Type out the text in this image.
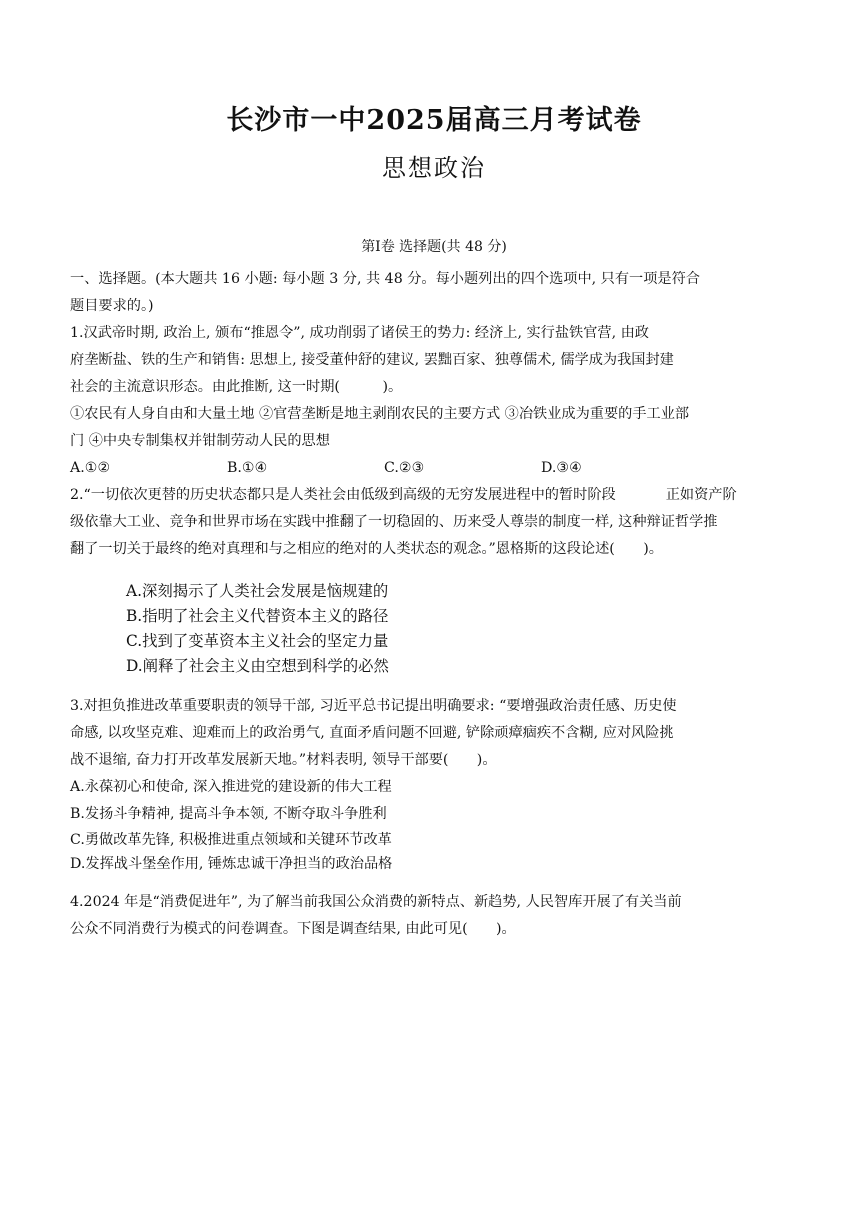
长沙市一中2025届高三月考试卷
思想政治
第Ⅰ卷 选择题(共 48 分)
一、选择题。(本大题共 16 小题: 每小题 3 分, 共 48 分。每小题列出的四个选项中, 只有一项是符合
题目要求的。)
1.汉武帝时期, 政治上, 颁布“推恩令”, 成功削弱了诸侯王的势力: 经济上, 实行盐铁官营, 由政
府垄断盐、铁的生产和销售: 思想上, 接受董仲舒的建议, 罢黜百家、独尊儒术, 儒学成为我国封建
社会的主流意识形态。由此推断, 这一时期(　　　)。
①农民有人身自由和大量土地 ②官营垄断是地主剥削农民的主要方式 ③冶铁业成为重要的手工业部
门 ④中央专制集权并钳制劳动人民的思想
A.①②	B.①④	C.②③	D.③④
2.“一切依次更替的历史状态都只是人类社会由低级到高级的无穷发展进程中的暂时阶段	正如资产阶
级依靠大工业、竞争和世界市场在实践中推翻了一切稳固的、历来受人尊崇的制度一样, 这种辩证哲学推
翻了一切关于最终的绝对真理和与之相应的绝对的人类状态的观念。”恩格斯的这段论述(　　)。
A.深刻揭示了人类社会发展是恼规建的
B.指明了社会主义代替资本主义的路径
C.找到了变革资本主义社会的坚定力量
D.阐释了社会主义由空想到科学的必然
3.对担负推进改革重要职责的领导干部, 习近平总书记提出明确要求: “要增强政治责任感、历史使
命感, 以攻坚克难、迎难而上的政治勇气, 直面矛盾问题不回避, 铲除顽瘴痼疾不含糊, 应对风险挑
战不退缩, 奋力打开改革发展新天地。”材料表明, 领导干部要(　　)。
A.永葆初心和使命, 深入推进党的建设新的伟大工程
B.发扬斗争精神, 提高斗争本领, 不断夺取斗争胜利
C.勇做改革先锋, 积极推进重点领域和关键环节改革
D.发挥战斗堡垒作用, 锤炼忠诚干净担当的政治品格
4.2024 年是“消费促进年”, 为了解当前我国公众消费的新特点、新趋势, 人民智库开展了有关当前
公众不同消费行为模式的问卷调查。下图是调查结果, 由此可见(　　)。
